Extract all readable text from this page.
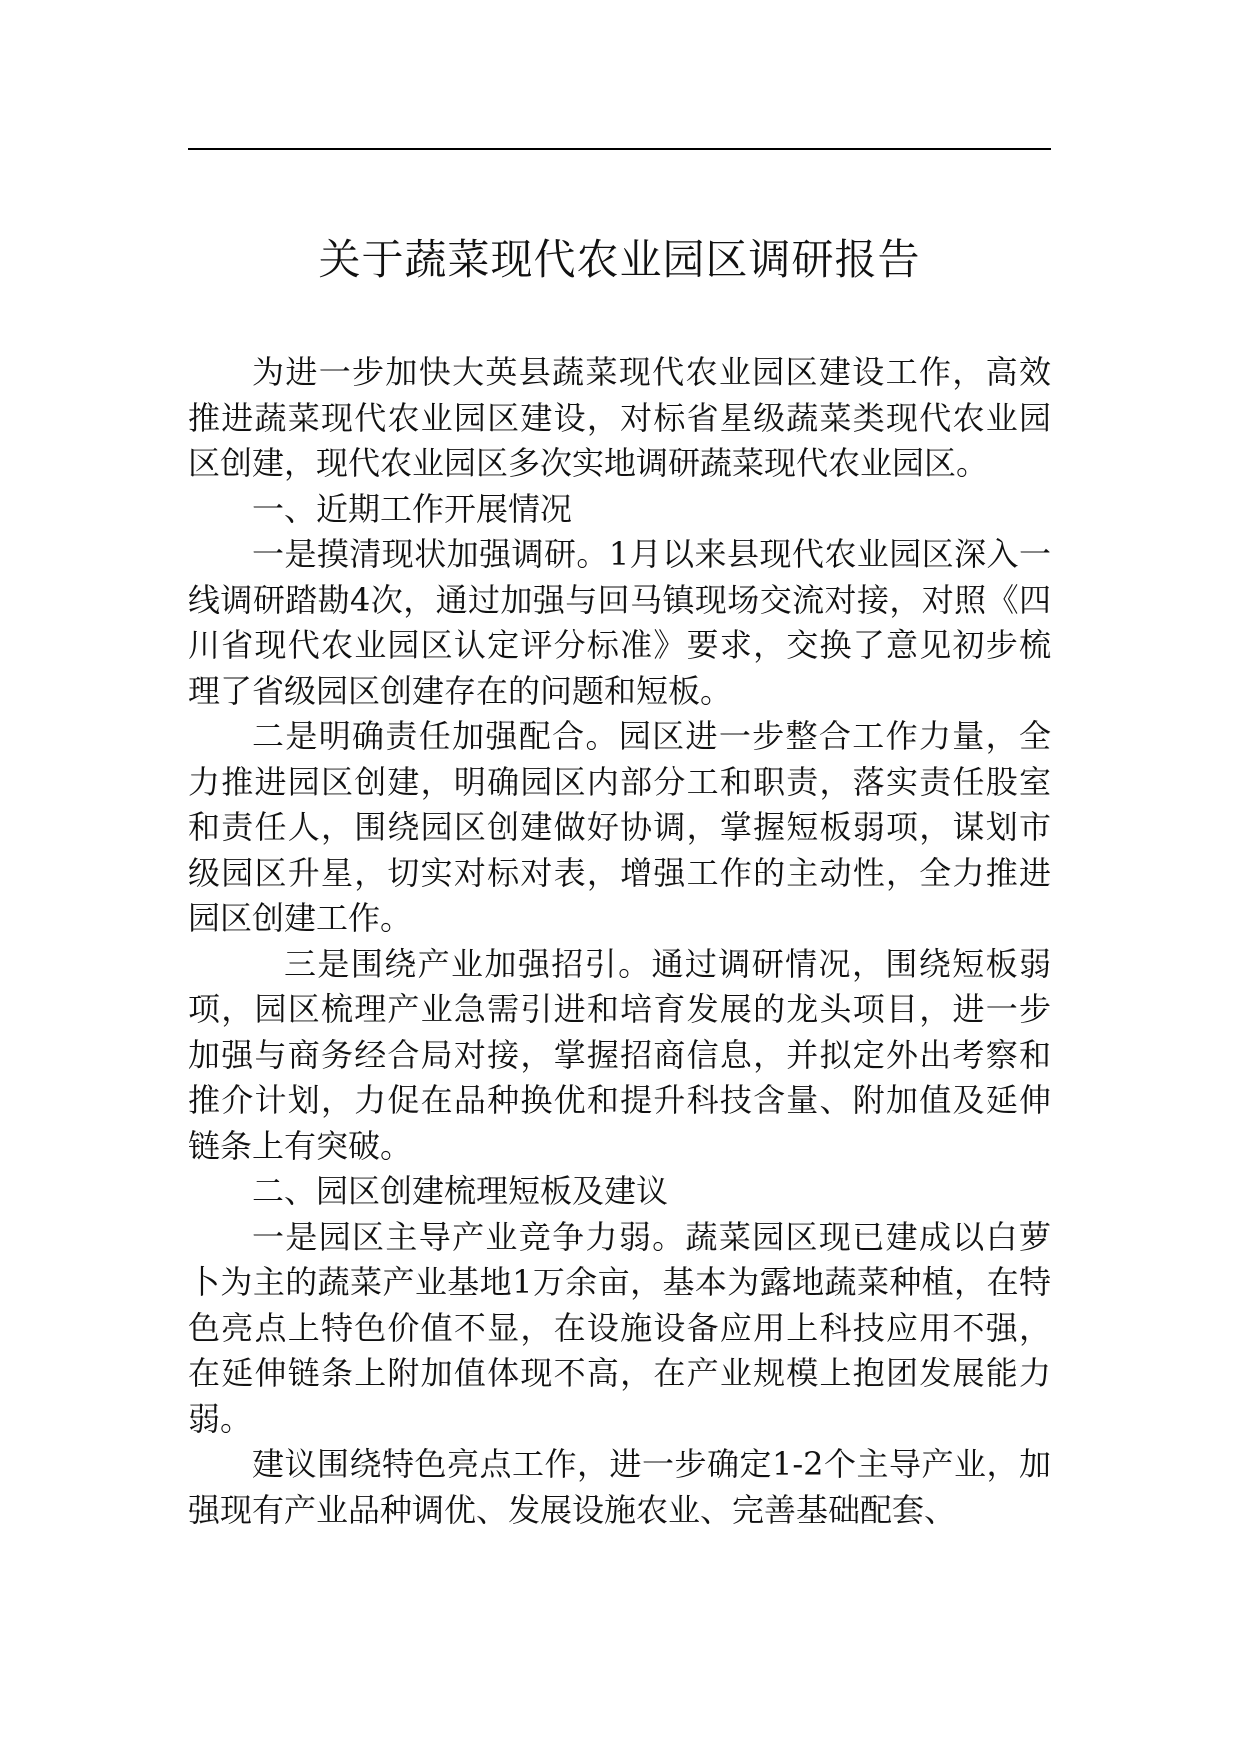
关于蔬菜现代农业园区调研报告

为进一步加快大英县蔬菜现代农业园区建设工作，高效推进蔬菜现代农业园区建设，对标省星级蔬菜类现代农业园区创建，现代农业园区多次实地调研蔬菜现代农业园区。

一、近期工作开展情况

一是摸清现状加强调研。1月以来县现代农业园区深入一线调研踏勘4次，通过加强与回马镇现场交流对接，对照《四川省现代农业园区认定评分标准》要求，交换了意见初步梳理了省级园区创建存在的问题和短板。

二是明确责任加强配合。园区进一步整合工作力量，全力推进园区创建，明确园区内部分工和职责，落实责任股室和责任人，围绕园区创建做好协调，掌握短板弱项，谋划市级园区升星，切实对标对表，增强工作的主动性，全力推进园区创建工作。

三是围绕产业加强招引。通过调研情况，围绕短板弱项，园区梳理产业急需引进和培育发展的龙头项目，进一步加强与商务经合局对接，掌握招商信息，并拟定外出考察和推介计划，力促在品种换优和提升科技含量、附加值及延伸链条上有突破。

二、园区创建梳理短板及建议

一是园区主导产业竞争力弱。蔬菜园区现已建成以白萝卜为主的蔬菜产业基地1万余亩，基本为露地蔬菜种植，在特色亮点上特色价值不显，在设施设备应用上科技应用不强，在延伸链条上附加值体现不高，在产业规模上抱团发展能力弱。

建议围绕特色亮点工作，进一步确定1-2个主导产业，加强现有产业品种调优、发展设施农业、完善基础配套、
